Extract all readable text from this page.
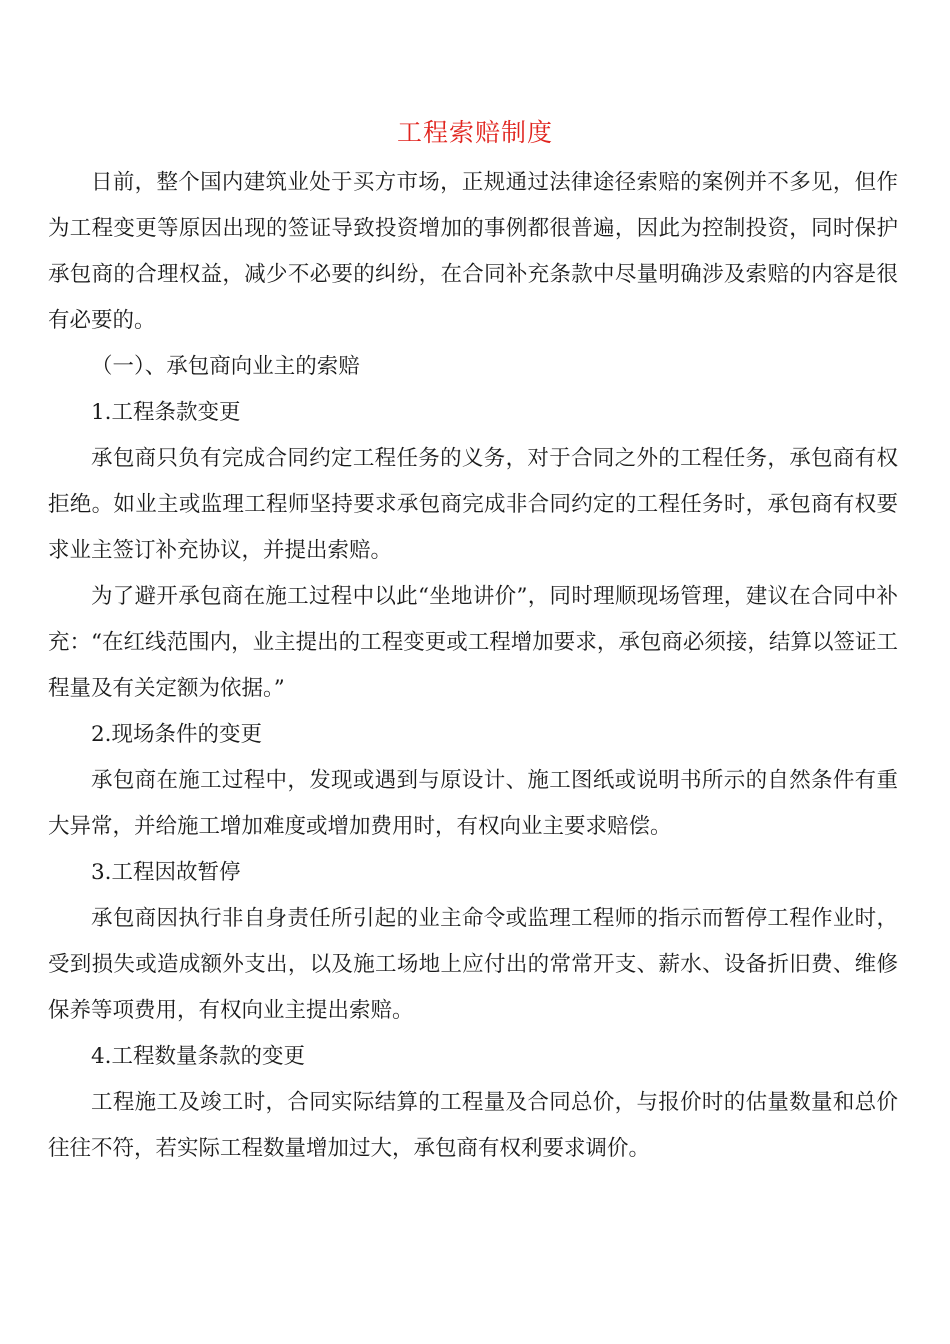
工程索赔制度

日前，整个国内建筑业处于买方市场，正规通过法律途径索赔的案例并不多见，但作为工程变更等原因出现的签证导致投资增加的事例都很普遍，因此为控制投资，同时保护承包商的合理权益，减少不必要的纠纷，在合同补充条款中尽量明确涉及索赔的内容是很有必要的。

（一）、承包商向业主的索赔

1.工程条款变更

承包商只负有完成合同约定工程任务的义务，对于合同之外的工程任务，承包商有权拒绝。如业主或监理工程师坚持要求承包商完成非合同约定的工程任务时，承包商有权要求业主签订补充协议，并提出索赔。

为了避开承包商在施工过程中以此“坐地讲价”，同时理顺现场管理，建议在合同中补充：“在红线范围内，业主提出的工程变更或工程增加要求，承包商必须接，结算以签证工程量及有关定额为依据。”

2.现场条件的变更

承包商在施工过程中，发现或遇到与原设计、施工图纸或说明书所示的自然条件有重大异常，并给施工增加难度或增加费用时，有权向业主要求赔偿。

3.工程因故暂停

承包商因执行非自身责任所引起的业主命令或监理工程师的指示而暂停工程作业时，受到损失或造成额外支出，以及施工场地上应付出的常常开支、薪水、设备折旧费、维修保养等项费用，有权向业主提出索赔。

4.工程数量条款的变更

工程施工及竣工时，合同实际结算的工程量及合同总价，与报价时的估量数量和总价往往不符，若实际工程数量增加过大，承包商有权利要求调价。
